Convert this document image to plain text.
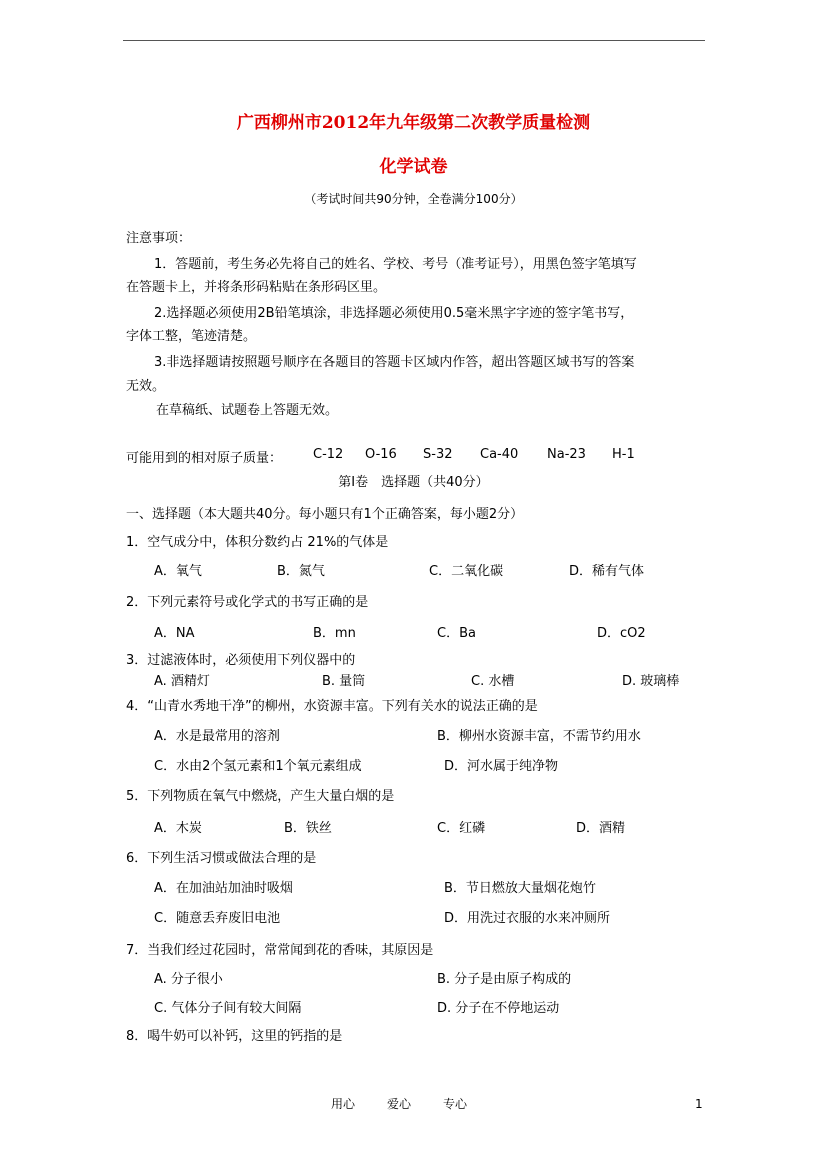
广西柳州市2012年九年级第二次教学质量检测
化学试卷
（考试时间共90分钟，全卷满分100分）
注意事项：
1．答题前，考生务必先将自己的姓名、学校、考号（准考证号），用黑色签字笔填写
在答题卡上，并将条形码粘贴在条形码区里。
2.选择题必须使用2B铅笔填涂，非选择题必须使用0.5毫米黑字字迹的签字笔书写，
字体工整，笔迹清楚。
3.非选择题请按照题号顺序在各题目的答题卡区域内作答，超出答题区域书写的答案
无效。
在草稿纸、试题卷上答题无效。
可能用到的相对原子质量： C-12 O-16 S-32 Ca-40 Na-23 H-1
第Ⅰ卷　选择题（共40分）
一、选择题（本大题共40分。每小题只有1个正确答案，每小题2分）
1．空气成分中，体积分数约占 21%的气体是
A．氧气	B．氮气	C．二氧化碳	D．稀有气体
2．下列元素符号或化学式的书写正确的是
A．NA	B．mn	C．Ba	D．cO2
3．过滤液体时，必须使用下列仪器中的
A. 酒精灯	B. 量筒	C. 水槽	D. 玻璃棒
4．“山青水秀地干净”的柳州，水资源丰富。下列有关水的说法正确的是
A．水是最常用的溶剂	B．柳州水资源丰富，不需节约用水
C．水由2个氢元素和1个氧元素组成	D．河水属于纯净物
5．下列物质在氧气中燃烧，产生大量白烟的是
A．木炭	B．铁丝	C．红磷	D．酒精
6．下列生活习惯或做法合理的是
A．在加油站加油时吸烟	B．节日燃放大量烟花炮竹
C．随意丢弃废旧电池	D．用洗过衣服的水来冲厕所
7．当我们经过花园时，常常闻到花的香味，其原因是
A. 分子很小	B. 分子是由原子构成的
C. 气体分子间有较大间隔	D. 分子在不停地运动
8．喝牛奶可以补钙，这里的钙指的是
用心	爱心	专心	1
